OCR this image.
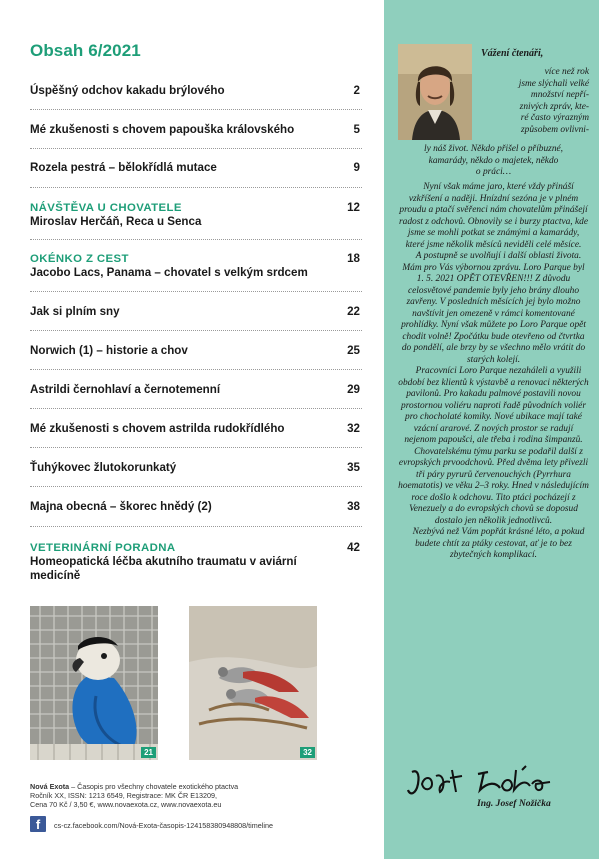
Obsah 6/2021
Úspěšný odchov kakadu brýlového	2
Mé zkušenosti s chovem papouška královského	5
Rozela pestrá – bělokřídlá mutace	9
NÁVŠTĚVA U CHOVATELE
Miroslav Herčáň, Reca u Senca
12
OKÉNKO Z CEST
Jacobo Lacs, Panama – chovatel s velkým srdcem
18
Jak si plním sny	22
Norwich (1) – historie a chov	25
Astrildi černohlaví a černotemenní	29
Mé zkušenosti s chovem astrilda rudokřídlého	32
Ťuhýkovec žlutokorunkatý	35
Majna obecná – škorec hnědý (2)	38
VETERINÁRNÍ PORADNA
Homeopatická léčba akutního traumatu v aviární medicíně
42
21	32
Nová Exota – Časopis pro všechny chovatele exotického ptactva
Ročník XX, ISSN: 1213 6549, Registrace: MK ČR E13209,
Cena 70 Kč / 3,50 €, www.novaexota.cz, www.novaexota.eu
f	cs-cz.facebook.com/Nová-Exota-časopis-124158380948808/timeline
Vážení čtenáři,
více než rok
jsme slýchali velké
množství nepří-
znivých zpráv, kte-
ré často výrazným
způsobem ovlivni-
ly náš život. Někdo přišel o příbuzné,
kamarády, někdo o majetek, někdo
o práci…

Nyní však máme jaro, které vždy přináší vzkříšení a naději. Hnízdní sezóna je v plném proudu a ptačí svěřenci nám chovatelům přinášejí radost z odchovů. Obnovily se i burzy ptactva, kde jsme se mohli potkat se známými a kamarády, které jsme několik měsíců neviděli celé měsíce.

A postupně se uvolňují i další oblasti života. Mám pro Vás výbornou zprávu. Loro Parque byl 1. 5. 2021 OPĚT OTEVŘEN!!! Z důvodu celosvětové pandemie byly jeho brány dlouho zavřeny. V posledních měsících jej bylo možno navštívit jen omezeně v rámci komentované prohlídky. Nyní však můžete po Loro Parque opět chodit volně! Zpočátku bude otevřeno od čtvrtka do pondělí, ale brzy by se všechno mělo vrátit do starých kolejí.

Pracovníci Loro Parque nezaháleli a využili období bez klientů k výstavbě a renovaci některých pavilonů. Pro kakadu palmové postavili novou prostornou voliéru naproti řadě původních voliér pro chocholaté komiky. Nové ubikace mají také vzácní ararové. Z nových prostor se radují nejenom papoušci, ale třeba i rodina šimpanzů.

Chovatelskému týmu parku se podařil další z evropských prvoodchovů. Před dvěma lety přivezli tři páry pyrurů červenouchých (Pyrrhura hoematotis) ve věku 2–3 roky. Hned v následujícím roce došlo k odchovu. Tito ptáci pocházejí z Venezuely a do evropských chovů se doposud dostalo jen několik jednotlivců.

Nezbývá než Vám popřát krásné léto, a pokud budete chtít za ptáky cestovat, ať je to bez zbytečných komplikací.

Ing. Josef Nožička
